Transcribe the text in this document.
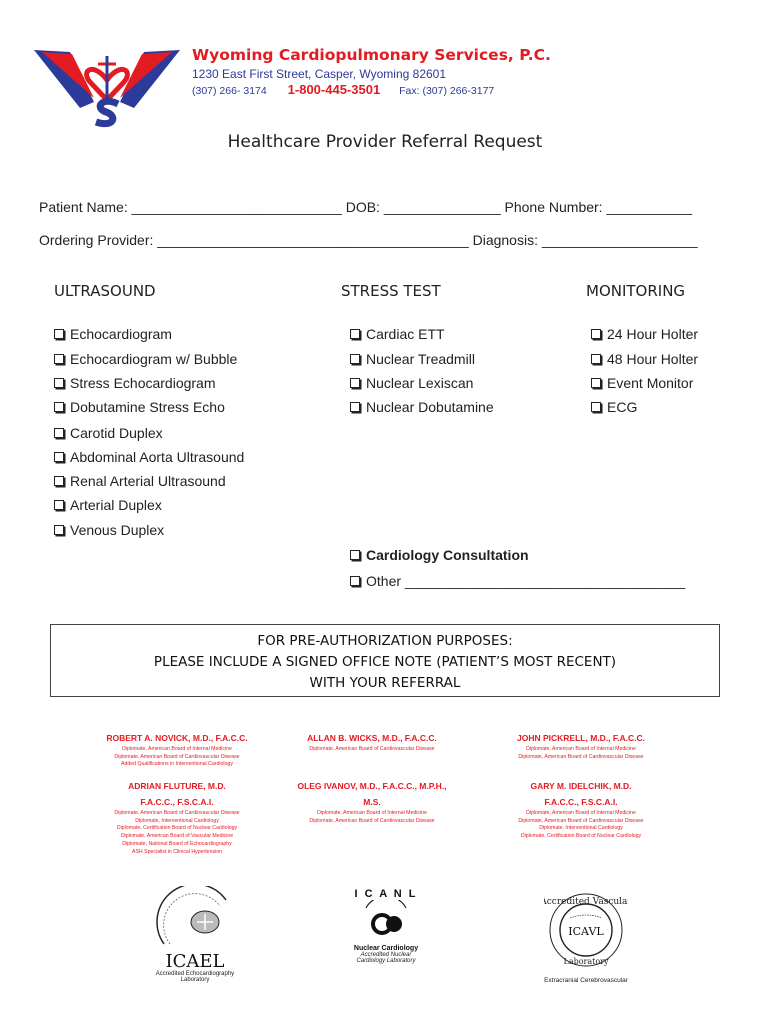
Wyoming Cardiopulmonary Services, P.C.
1230 East First Street, Casper, Wyoming 82601
(307) 266- 3174 1-800-445-3501 Fax: (307) 266-3177
Healthcare Provider Referral Request
Patient Name: ___________________________ DOB: _______________ Phone Number: ___________
Ordering Provider: ________________________________________ Diagnosis: ____________________
ULTRASOUND	STRESS TEST	MONITORING
Echocardiogram
Echocardiogram w/ Bubble
Stress Echocardiogram
Dobutamine Stress Echo
Carotid Duplex
Abdominal Aorta Ultrasound
Renal Arterial Ultrasound
Arterial Duplex
Venous Duplex
Cardiac ETT
Nuclear Treadmill
Nuclear Lexiscan
Nuclear Dobutamine
24 Hour Holter
48 Hour Holter
Event Monitor
ECG
Cardiology Consultation
Other ____________________________________
FOR PRE-AUTHORIZATION PURPOSES:
PLEASE INCLUDE A SIGNED OFFICE NOTE (PATIENT’S MOST RECENT)
WITH YOUR REFERRAL
ROBERT A. NOVICK, M.D., F.A.C.C.
Diplomate, American Board of Internal Medicine
Diplomate, American Board of Cardiovascular Disease
Added Qualifications in Interventional Cardiology
ALLAN B. WICKS, M.D., F.A.C.C.
Diplomate, American Board of Cardiovascular Disease
JOHN PICKRELL, M.D., F.A.C.C.
Diplomate, American Board of Internal Medicine
Diplomate, American Board of Cardiovascular Disease
ADRIAN FLUTURE, M.D.
F.A.C.C., F.S.C.A.I.
Diplomate, American Board of Cardiovascular Disease
Diplomate, Interventional Cardiology
Diplomate, Certification Board of Nuclear Cardiology
Diplomate, American Board of Vascular Medicine
Diplomate, National Board of Echocardiography
ASH Specialist in Clinical Hypertension
OLEG IVANOV, M.D., F.A.C.C., M.P.H.,
M.S.
Diplomate, American Board of Internal Medicine
Diplomate, American Board of Cardiovascular Disease
GARY M. IDELCHIK, M.D.
F.A.C.C., F.S.C.A.I.
Diplomate, American Board of Internal Medicine
Diplomate, American Board of Cardiovascular Disease
Diplomate, Interventional Cardiology
Diplomate, Certification Board of Nuclear Cardiology
ICAEL
Accredited Echocardiography
Laboratory
I C A N L
Nuclear Cardiology
Accredited Nuclear
Cardiology Laboratory
Accredited Vascular
ICAVL
Laboratory
Extracranial Cerebrovascular
